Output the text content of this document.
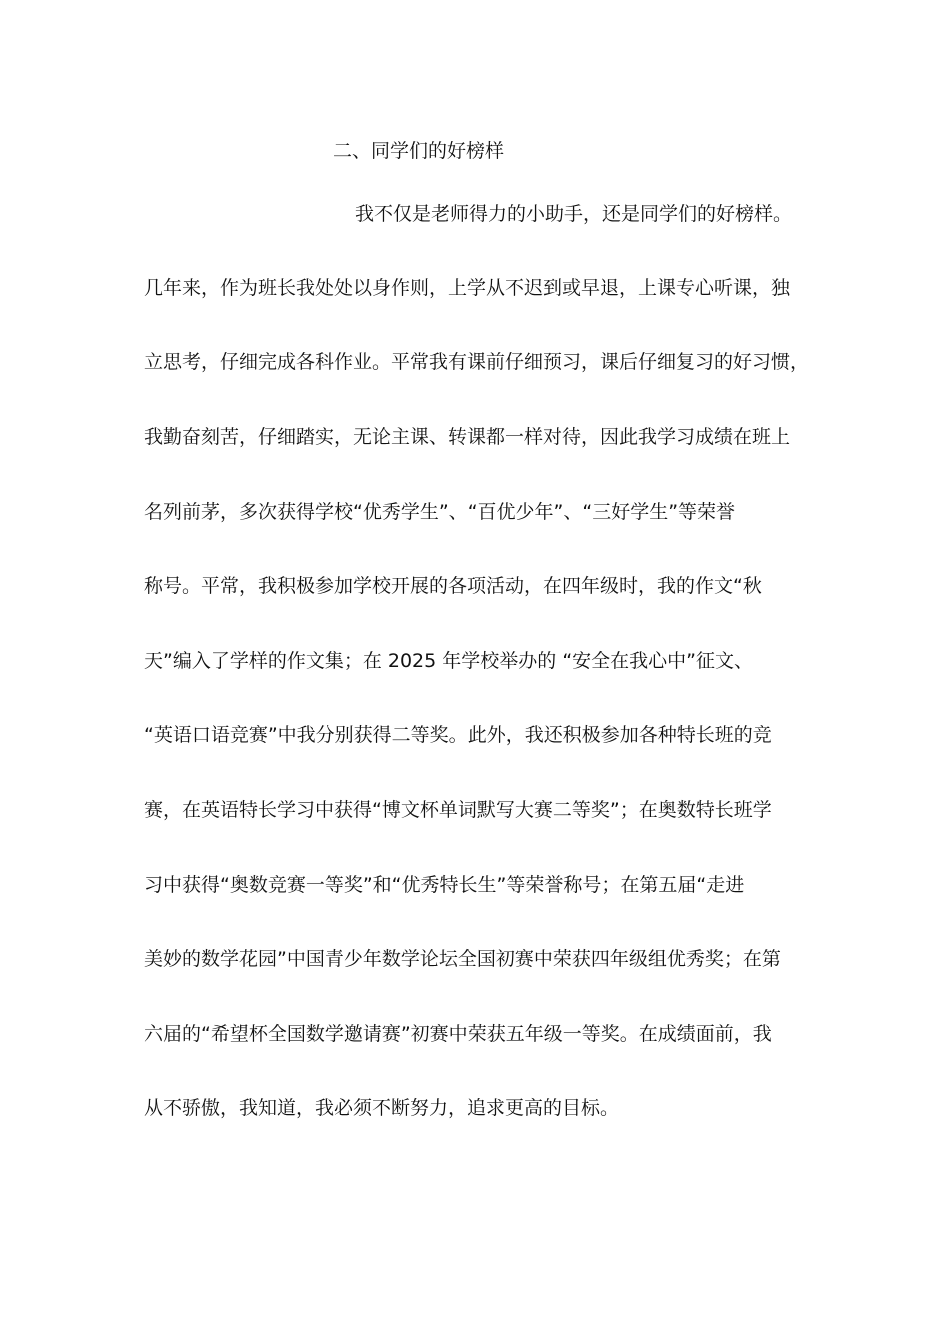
二、同学们的好榜样
我不仅是老师得力的小助手，还是同学们的好榜样。
几年来，作为班长我处处以身作则，上学从不迟到或早退，上课专心听课，独
立思考，仔细完成各科作业。平常我有课前仔细预习，课后仔细复习的好习惯，
我勤奋刻苦，仔细踏实，无论主课、转课都一样对待，因此我学习成绩在班上
名列前茅，多次获得学校“优秀学生”、“百优少年”、“三好学生”等荣誉
称号。平常，我积极参加学校开展的各项活动，在四年级时，我的作文“秋
天”编入了学样的作文集；在 2025 年学校举办的 “安全在我心中”征文、
“英语口语竞赛”中我分别获得二等奖。此外，我还积极参加各种特长班的竞
赛，在英语特长学习中获得“博文杯单词默写大赛二等奖”；在奥数特长班学
习中获得“奥数竞赛一等奖”和“优秀特长生”等荣誉称号；在第五届“走进
美妙的数学花园”中国青少年数学论坛全国初赛中荣获四年级组优秀奖；在第
六届的“希望杯全国数学邀请赛”初赛中荣获五年级一等奖。在成绩面前，我
从不骄傲，我知道，我必须不断努力，追求更高的目标。
